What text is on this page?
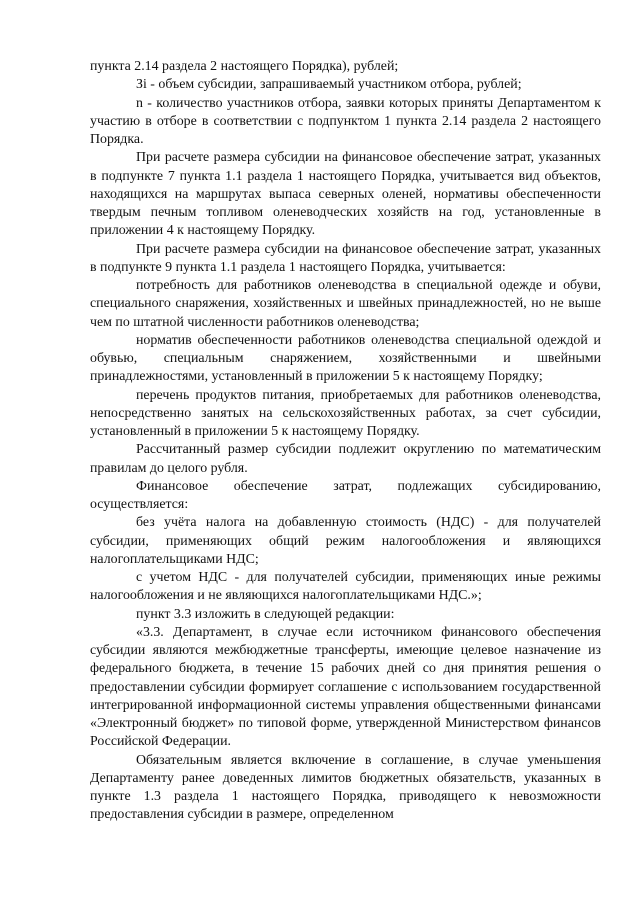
пункта 2.14 раздела 2 настоящего Порядка), рублей;

Зi - объем субсидии, запрашиваемый участником отбора, рублей;

n - количество участников отбора, заявки которых приняты Департаментом к участию в отборе в соответствии с подпунктом 1 пункта 2.14 раздела 2 настоящего Порядка.

При расчете размера субсидии на финансовое обеспечение затрат, указанных в подпункте 7 пункта 1.1 раздела 1 настоящего Порядка, учитывается вид объектов, находящихся на маршрутах выпаса северных оленей, нормативы обеспеченности твердым печным топливом оленеводческих хозяйств на год, установленные в приложении 4 к настоящему Порядку.

При расчете размера субсидии на финансовое обеспечение затрат, указанных в подпункте 9 пункта 1.1 раздела 1 настоящего Порядка, учитывается:

потребность для работников оленеводства в специальной одежде и обуви, специального снаряжения, хозяйственных и швейных принадлежностей, но не выше чем по штатной численности работников оленеводства;

норматив обеспеченности работников оленеводства специальной одеждой и обувью, специальным снаряжением, хозяйственными и швейными принадлежностями, установленный в приложении 5 к настоящему Порядку;

перечень продуктов питания, приобретаемых для работников оленеводства, непосредственно занятых на сельскохозяйственных работах, за счет субсидии, установленный в приложении 5 к настоящему Порядку.

Рассчитанный размер субсидии подлежит округлению по математическим правилам до целого рубля.

Финансовое обеспечение затрат, подлежащих субсидированию, осуществляется:

без учёта налога на добавленную стоимость (НДС) - для получателей субсидии, применяющих общий режим налогообложения и являющихся налогоплательщиками НДС;

с учетом НДС - для получателей субсидии, применяющих иные режимы налогообложения и не являющихся налогоплательщиками НДС.»;

пункт 3.3 изложить в следующей редакции:

«3.3. Департамент, в случае если источником финансового обеспечения субсидии являются межбюджетные трансферты, имеющие целевое назначение из федерального бюджета, в течение 15 рабочих дней со дня принятия решения о предоставлении субсидии формирует соглашение с использованием государственной интегрированной информационной системы управления общественными финансами «Электронный бюджет» по типовой форме, утвержденной Министерством финансов Российской Федерации.

Обязательным является включение в соглашение, в случае уменьшения Департаменту ранее доведенных лимитов бюджетных обязательств, указанных в пункте 1.3 раздела 1 настоящего Порядка, приводящего к невозможности предоставления субсидии в размере, определенном
